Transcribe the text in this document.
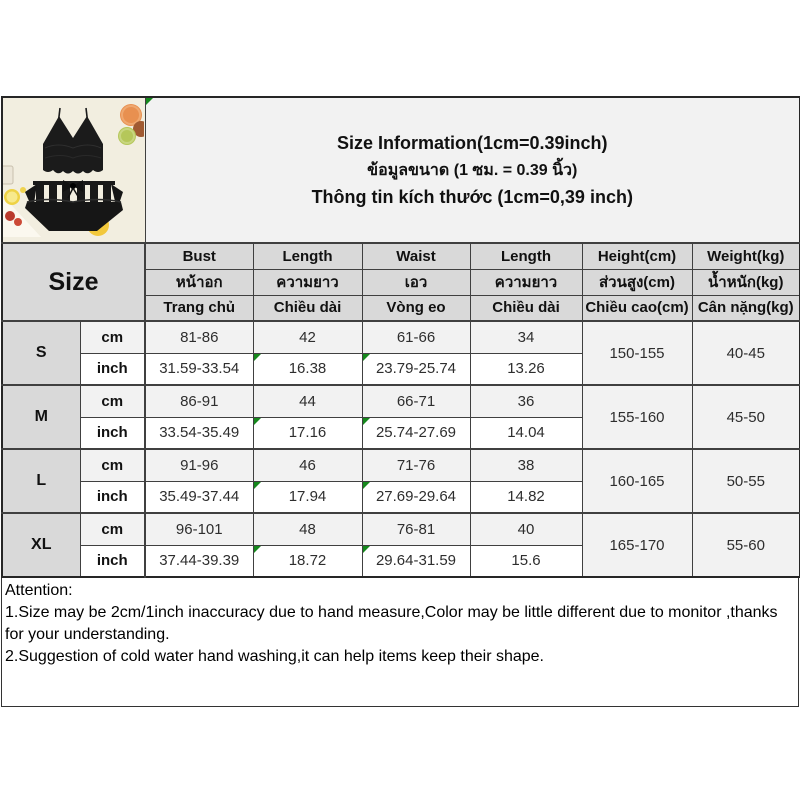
Size Information(1cm=0.39inch)
ข้อมูลขนาด (1 ซม. = 0.39 นิ้ว)
Thông tin kích thước (1cm=0,39 inch)					

Size		Bust	Length	Waist	Length	Height(cm)	Weight(kg)
		หน้าอก	ความยาว	เอว	ความยาว	ส่วนสูง(cm)	น้ำหนัก(kg)
		Trang chủ	Chiều dài	Vòng eo	Chiều dài	Chiều cao(cm)	Cân nặng(kg)
S	cm	81-86	42	61-66	34	150-155	40-45
	inch	31.59-33.54	16.38	23.79-25.74	13.26		
M	cm	86-91	44	66-71	36	155-160	45-50
	inch	33.54-35.49	17.16	25.74-27.69	14.04		
L	cm	91-96	46	71-76	38	160-165	50-55
	inch	35.49-37.44	17.94	27.69-29.64	14.82		
XL	cm	96-101	48	76-81	40	165-170	55-60
	inch	37.44-39.39	18.72	29.64-31.59	15.6		
Attention:
1.Size may be 2cm/1inch inaccuracy due to hand measure,Color may be little different due to monitor ,thanks for your understanding.
2.Suggestion of cold water hand washing,it can help items keep their shape.
